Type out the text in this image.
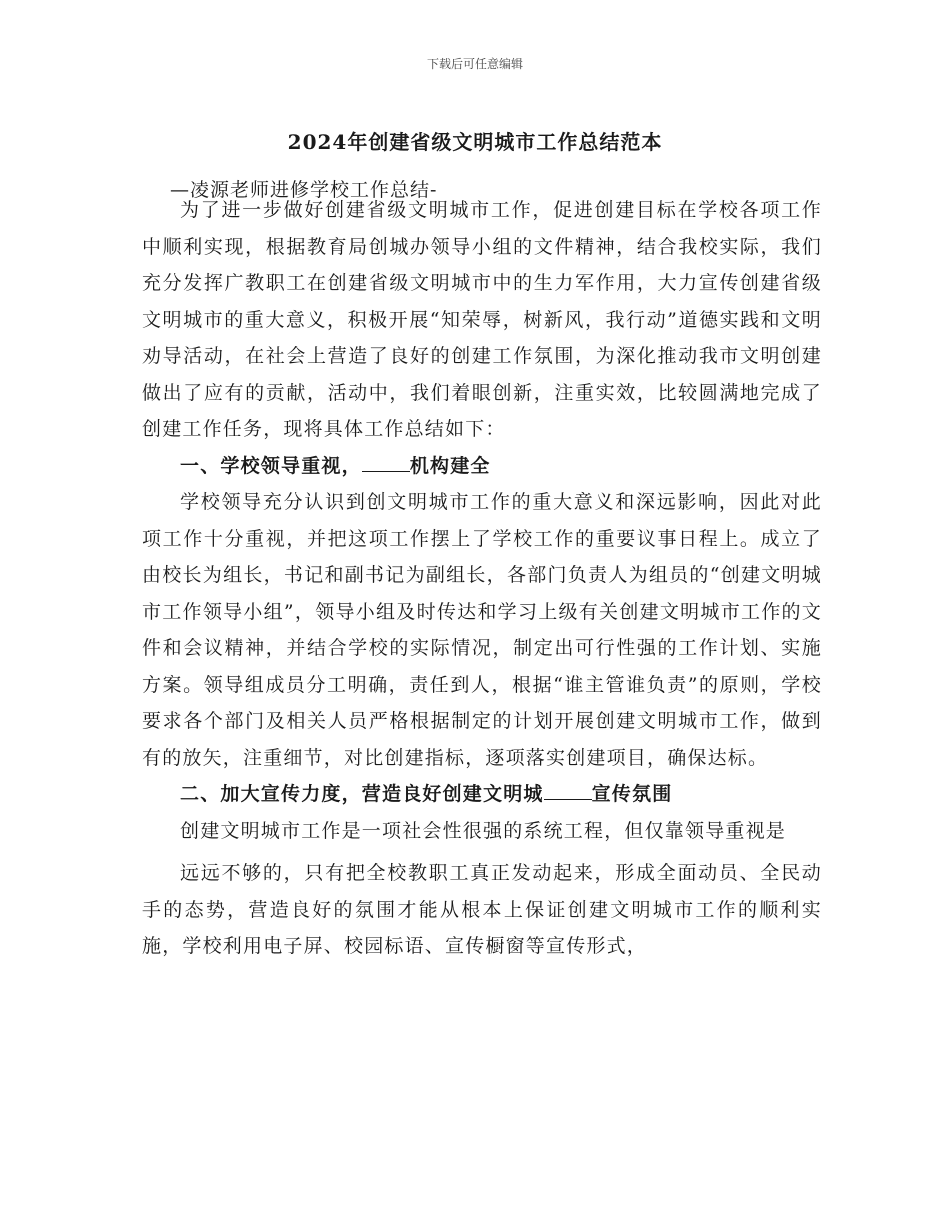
下载后可任意编辑
2024年创建省级文明城市工作总结范本
—凌源老师进修学校工作总结-

为了进一步做好创建省级文明城市工作，促进创建目标在学校各项工作中顺利实现，根据教育局创城办领导小组的文件精神，结合我校实际，我们充分发挥广教职工在创建省级文明城市中的生力军作用，大力宣传创建省级文明城市的重大意义，积极开展“知荣辱，树新风，我行动”道德实践和文明劝导活动，在社会上营造了良好的创建工作氛围，为深化推动我市文明创建做出了应有的贡献，活动中，我们着眼创新，注重实效，比较圆满地完成了创建工作任务，现将具体工作总结如下：

一、学校领导重视，	机构建全

学校领导充分认识到创文明城市工作的重大意义和深远影响，因此对此项工作十分重视，并把这项工作摆上了学校工作的重要议事日程上。成立了由校长为组长，书记和副书记为副组长，各部门负责人为组员的“创建文明城市工作领导小组”，领导小组及时传达和学习上级有关创建文明城市工作的文件和会议精神，并结合学校的实际情况，制定出可行性强的工作计划、实施方案。领导组成员分工明确，责任到人，根据“谁主管谁负责”的原则，学校要求各个部门及相关人员严格根据制定的计划开展创建文明城市工作，做到有的放矢，注重细节，对比创建指标，逐项落实创建项目，确保达标。

二、加大宣传力度，营造良好创建文明城	宣传氛围

创建文明城市工作是一项社会性很强的系统工程，但仅靠领导重视是

远远不够的，只有把全校教职工真正发动起来，形成全面动员、全民动手的态势，营造良好的氛围才能从根本上保证创建文明城市工作的顺利实施，学校利用电子屏、校园标语、宣传橱窗等宣传形式，
